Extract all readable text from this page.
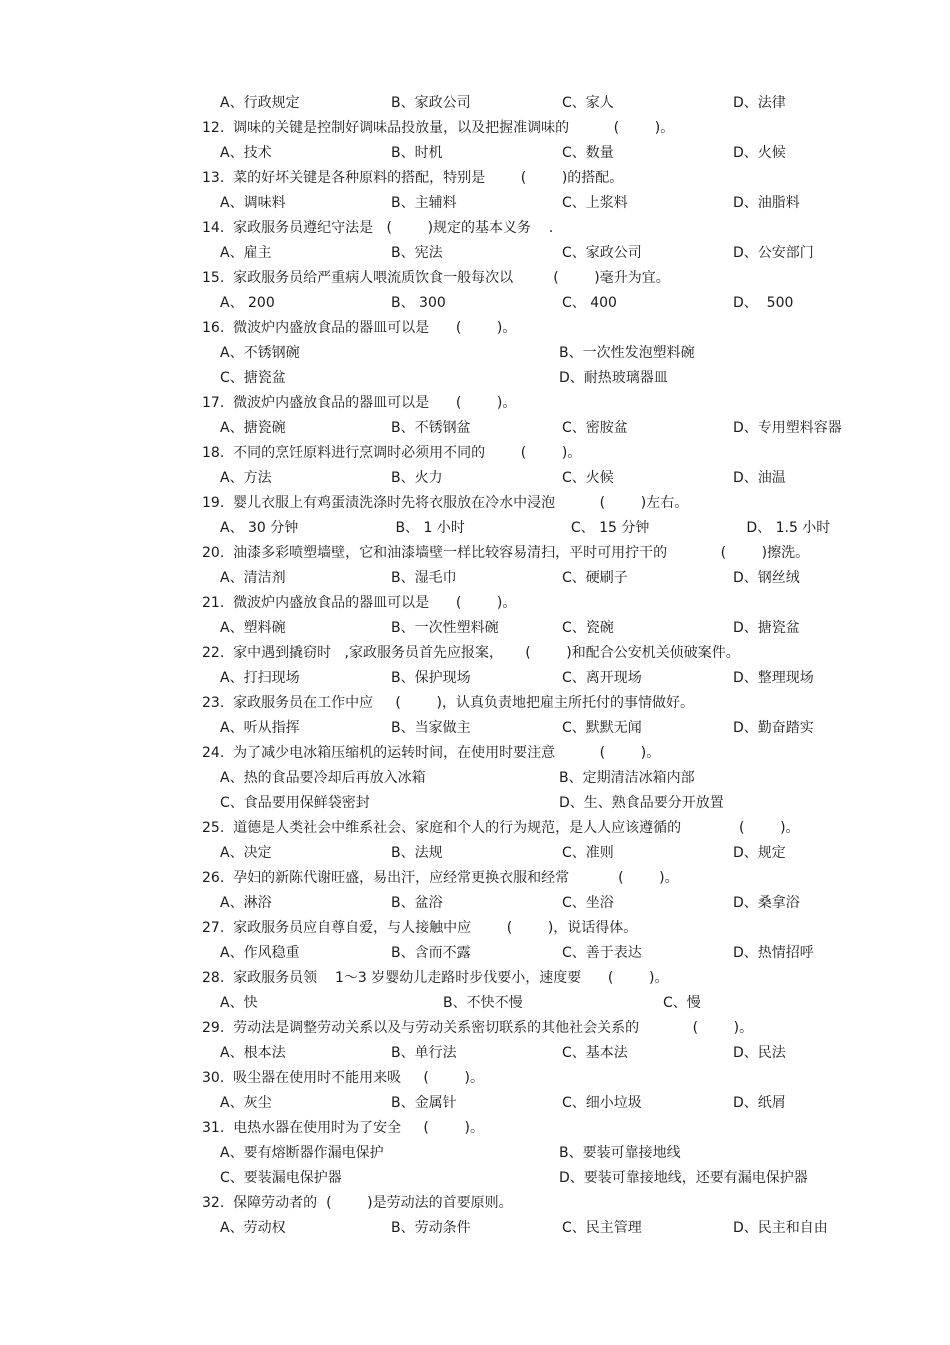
A、行政规定	B、家政公司	C、家人	D、法律
12.  调味的关键是控制好调味品投放量，以及把握准调味的          (        )。
A、技术	B、时机	C、数量	D、火候
13.  菜的好坏关键是各种原料的搭配，特别是        (        )的搭配。
A、调味料	B、主辅料	C、上浆料	D、油脂料
14.  家政服务员遵纪守法是   (        )规定的基本义务    .
A、雇主	B、宪法	C、家政公司	D、公安部门
15.  家政服务员给严重病人喂流质饮食一般每次以         (        )毫升为宜。
A、 200	B、 300	C、 400	D、  500
16.  微波炉内盛放食品的器皿可以是      (        )。
A、不锈钢碗	B、一次性发泡塑料碗
C、搪瓷盆	D、耐热玻璃器皿
17.  微波炉内盛放食品的器皿可以是      (        )。
A、搪瓷碗	B、不锈钢盆	C、密胺盆	D、专用塑料容器
18.  不同的烹饪原料进行烹调时必须用不同的        (        )。
A、方法	B、火力	C、火候	D、油温
19.  婴儿衣服上有鸡蛋渍洗涤时先将衣服放在冷水中浸泡          (        )左右。
A、 30 分钟	B、 1 小时	C、 15 分钟	D、 1.5 小时
20.  油漆多彩喷塑墙壁，它和油漆墙壁一样比较容易清扫，平时可用拧干的            (        )擦洗。
A、清洁剂	B、湿毛巾	C、硬刷子	D、钢丝绒
21.  微波炉内盛放食品的器皿可以是      (        )。
A、塑料碗	B、一次性塑料碗	C、瓷碗	D、搪瓷盆
22.  家中遇到撬窃时   ,家政服务员首先应报案，     (        )和配合公安机关侦破案件。
A、打扫现场	B、保护现场	C、离开现场	D、整理现场
23.  家政服务员在工作中应     (        )，认真负责地把雇主所托付的事情做好。
A、听从指挥	B、当家做主	C、默默无闻	D、勤奋踏实
24.  为了减少电冰箱压缩机的运转时间，在使用时要注意          (        )。
A、热的食品要冷却后再放入冰箱	B、定期清洁冰箱内部
C、食品要用保鲜袋密封	D、生、熟食品要分开放置
25.  道德是人类社会中维系社会、家庭和个人的行为规范，是人人应该遵循的             (        )。
A、决定	B、法规	C、准则	D、规定
26.  孕妇的新陈代谢旺盛，易出汗，应经常更换衣服和经常           (        )。
A、淋浴	B、盆浴	C、坐浴	D、桑拿浴
27.  家政服务员应自尊自爱，与人接触中应        (        )，说话得体。
A、作风稳重	B、含而不露	C、善于表达	D、热情招呼
28.  家政服务员领    1～3 岁婴幼儿走路时步伐要小，速度要      (        )。
A、快	B、不快不慢	C、慢
29.  劳动法是调整劳动关系以及与劳动关系密切联系的其他社会关系的            (        )。
A、根本法	B、单行法	C、基本法	D、民法
30.  吸尘器在使用时不能用来吸     (        )。
A、灰尘	B、金属针	C、细小垃圾	D、纸屑
31.  电热水器在使用时为了安全     (        )。
A、要有熔断器作漏电保护	B、要装可靠接地线
C、要装漏电保护器	D、要装可靠接地线，还要有漏电保护器
32.  保障劳动者的  (        )是劳动法的首要原则。
A、劳动权	B、劳动条件	C、民主管理	D、民主和自由
